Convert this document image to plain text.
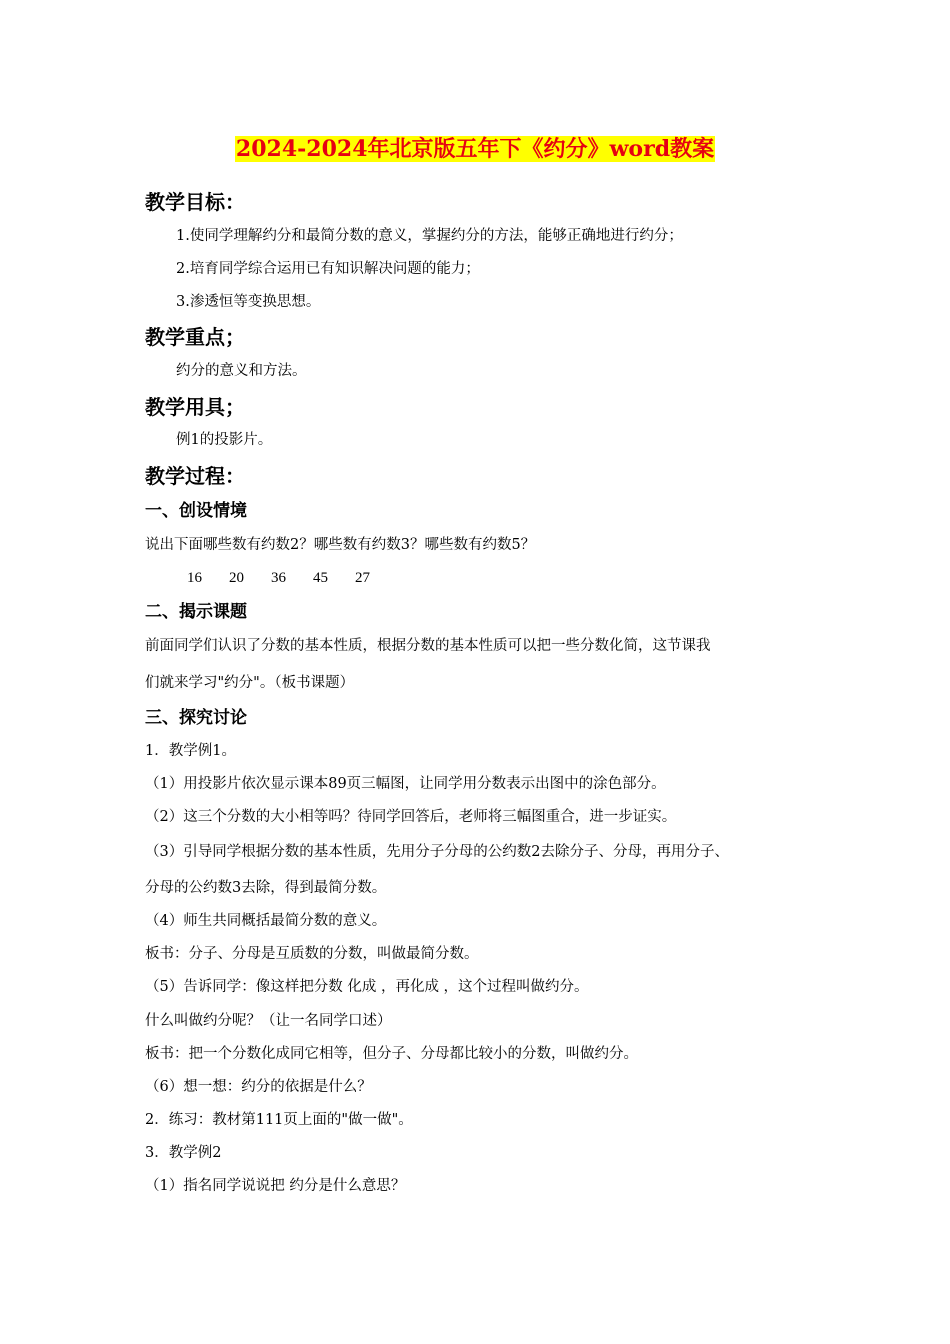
2024-2024年北京版五年下《约分》word教案
教学目标：
1.使同学理解约分和最简分数的意义，掌握约分的方法，能够正确地进行约分；
2.培育同学综合运用已有知识解决问题的能力；
3.渗透恒等变换思想。
教学重点；
约分的意义和方法。
教学用具；
例1的投影片。
教学过程：
一、创设情境
说出下面哪些数有约数2？哪些数有约数3？哪些数有约数5？
16 20 36 45 27
二、揭示课题
前面同学们认识了分数的基本性质，根据分数的基本性质可以把一些分数化简，这节课我
们就来学习"约分"。（板书课题）
三、探究讨论
1．教学例1。
（1）用投影片依次显示课本89页三幅图，让同学用分数表示出图中的涂色部分。
（2）这三个分数的大小相等吗？待同学回答后，老师将三幅图重合，进一步证实。
（3）引导同学根据分数的基本性质，先用分子分母的公约数2去除分子、分母，再用分子、
分母的公约数3去除，得到最简分数。
（4）师生共同概括最简分数的意义。
板书：分子、分母是互质数的分数，叫做最简分数。
（5）告诉同学：像这样把分数 化成 ，再化成 ，这个过程叫做约分。
什么叫做约分呢？（让一名同学口述）
板书：把一个分数化成同它相等，但分子、分母都比较小的分数，叫做约分。
（6）想一想：约分的依据是什么？
2．练习：教材第111页上面的"做一做"。
3．教学例2
（1）指名同学说说把 约分是什么意思？
